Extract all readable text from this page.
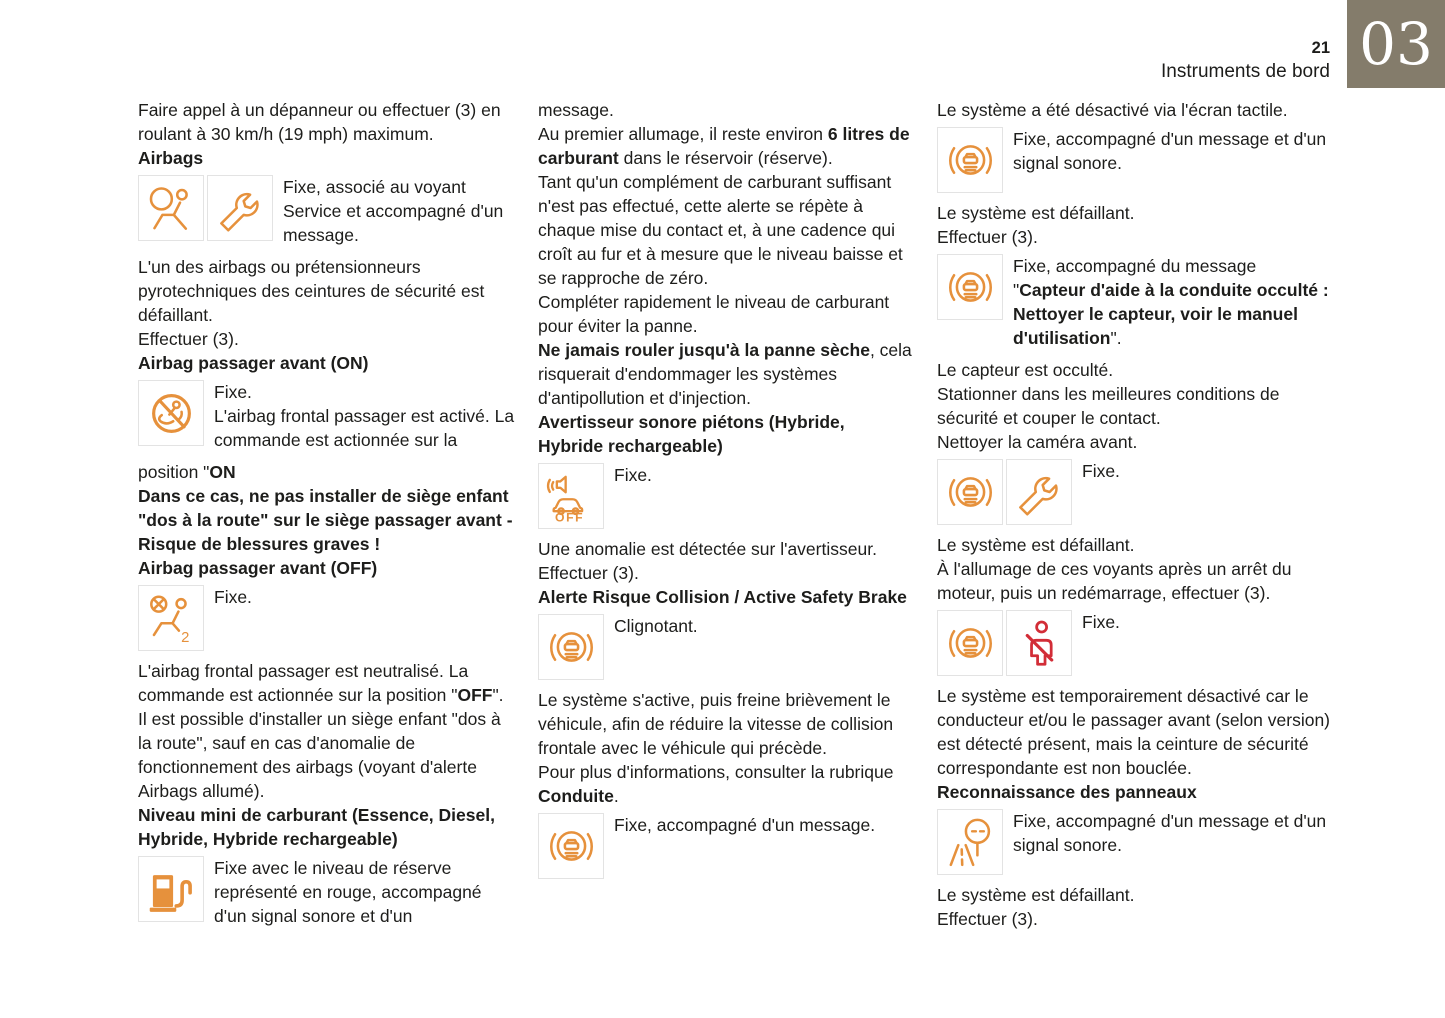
21
Instruments de bord 03

Faire appel à un dépanneur ou effectuer (3) en roulant à 30 km/h (19 mph) maximum.

Airbags

Fixe, associé au voyant Service et accompagné d'un message.

L'un des airbags ou prétensionneurs pyrotechniques des ceintures de sécurité est défaillant.

Effectuer (3).

Airbag passager avant (ON)

Fixe.
L'airbag frontal passager est activé. La commande est actionnée sur la

position "ON

Dans ce cas, ne pas installer de siège enfant "dos à la route" sur le siège passager avant - Risque de blessures graves !

Airbag passager avant (OFF)

2

Fixe.

L'airbag frontal passager est neutralisé. La commande est actionnée sur la position "OFF".
Il est possible d'installer un siège enfant "dos à la route", sauf en cas d'anomalie de fonctionnement des airbags (voyant d'alerte Airbags allumé).

Niveau mini de carburant (Essence, Diesel, Hybride, Hybride rechargeable)

Fixe avec le niveau de réserve représenté en rouge, accompagné d'un signal sonore et d'un

message.

Au premier allumage, il reste environ 6 litres de carburant dans le réservoir (réserve).

Tant qu'un complément de carburant suffisant n'est pas effectué, cette alerte se répète à chaque mise du contact et, à une cadence qui croît au fur et à mesure que le niveau baisse et se rapproche de zéro.

Compléter rapidement le niveau de carburant pour éviter la panne.

Ne jamais rouler jusqu'à la panne sèche, cela risquerait d'endommager les systèmes d'antipollution et d'injection.

Avertisseur sonore piétons (Hybride, Hybride rechargeable)

OFF

Fixe.

Une anomalie est détectée sur l'avertisseur.

Effectuer (3).

Alerte Risque Collision / Active Safety Brake

Clignotant.

Le système s'active, puis freine brièvement le véhicule, afin de réduire la vitesse de collision frontale avec le véhicule qui précède.

Pour plus d'informations, consulter la rubrique Conduite.

Fixe, accompagné d'un message.

Le système a été désactivé via l'écran tactile.

Fixe, accompagné d'un message et d'un signal sonore.

Le système est défaillant.

Effectuer (3).

Fixe, accompagné du message
"Capteur d'aide à la conduite occulté : Nettoyer le capteur, voir le manuel d'utilisation".

Le capteur est occulté.

Stationner dans les meilleures conditions de sécurité et couper le contact.

Nettoyer la caméra avant.

Fixe.

Le système est défaillant.

À l'allumage de ces voyants après un arrêt du moteur, puis un redémarrage, effectuer (3).

Fixe.

Le système est temporairement désactivé car le conducteur et/ou le passager avant (selon version) est détecté présent, mais la ceinture de sécurité correspondante est non bouclée.

Reconnaissance des panneaux

Fixe, accompagné d'un message et d'un signal sonore.

Le système est défaillant.

Effectuer (3).
